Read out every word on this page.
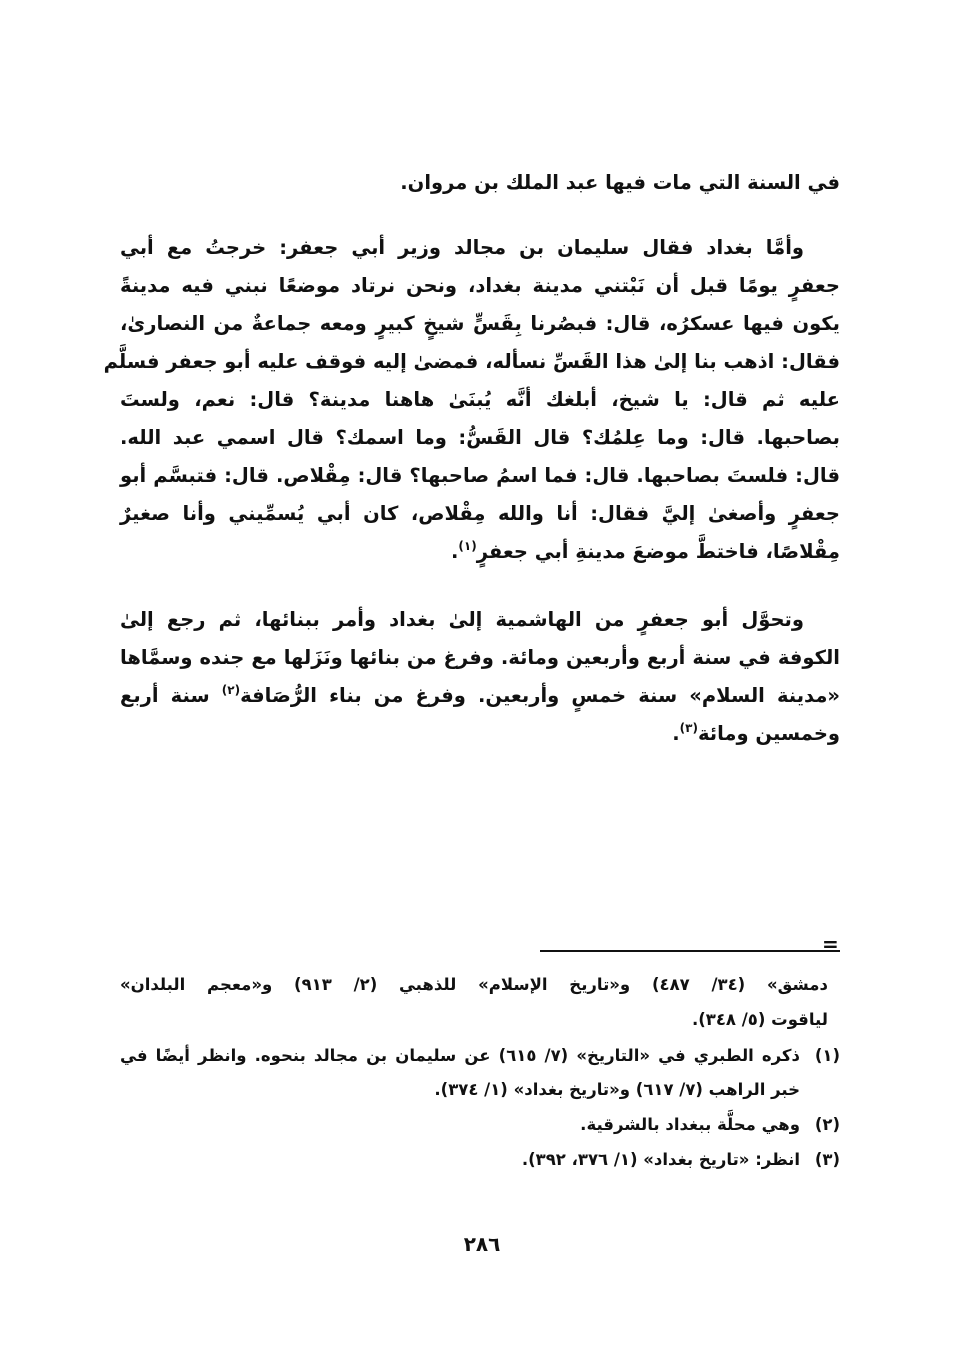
في السنة التي مات فيها عبد الملك بن مروان.
وأمَّا بغداد فقال سليمان بن مجالد وزير أبي جعفر: خرجتُ مع أبي
جعفرٍ يومًا قبل أن نَبْتني مدينة بغداد، ونحن نرتاد موضعًا نبني فيه مدينةً
يكون فيها عسكرُه، قال: فبصُرنا بِقَسٍّ شيخٍ كبيرٍ ومعه جماعةٌ من النصارىٰ،
فقال: اذهب بنا إلىٰ هذا القَسِّ نسأله، فمضىٰ إليه فوقف عليه أبو جعفر فسلَّم
عليه ثم قال: يا شيخ، أبلغك أنَّه يُبنَىٰ هاهنا مدينة؟ قال: نعم، ولستَ
بصاحبها. قال: وما عِلمُك؟ قال القَسُّ: وما اسمك؟ قال اسمي عبد الله.
قال: فلستَ بصاحبها. قال: فما اسمُ صاحبها؟ قال: مِقْلاص. قال: فتبسَّم أبو
جعفرٍ وأصغىٰ إليَّ فقال: أنا والله مِقْلاص، كان أبي يُسمِّيني وأنا صغيرٌ
مِقْلاصًا، فاختطَّ موضعَ مدينةِ أبي جعفرٍ$^{(١)}$.
وتحوَّل أبو جعفرٍ من الهاشمية إلىٰ بغداد وأمر ببنائها، ثم رجع إلىٰ
الكوفة في سنة أربع وأربعين ومائة. وفرغ من بنائها ونَزَلها مع جنده وسمَّاها
«مدينة السلام» سنة خمسٍ وأربعين. وفرغ من بناء الرُّصَافة$^{(٢)}$ سنة أربع
وخمسين ومائة$^{(٣)}$.
=
دمشق» (٣٤/ ٤٨٧) و«تاريخ الإسلام» للذهبي (٢/ ٩١٣) و«معجم البلدان»
لياقوت (٥/ ٣٤٨).
(١)ذكره الطبري في «التاريخ» (٧/ ٦١٥) عن سليمان بن مجالد بنحوه. وانظر أيضًا في
خبر الراهب (٧/ ٦١٧) و«تاريخ بغداد» (١/ ٣٧٤).
(٢)وهي محلَّة ببغداد بالشرقية.
(٣)انظر: «تاريخ بغداد» (١/ ٣٧٦، ٣٩٢).
٢٨٦
